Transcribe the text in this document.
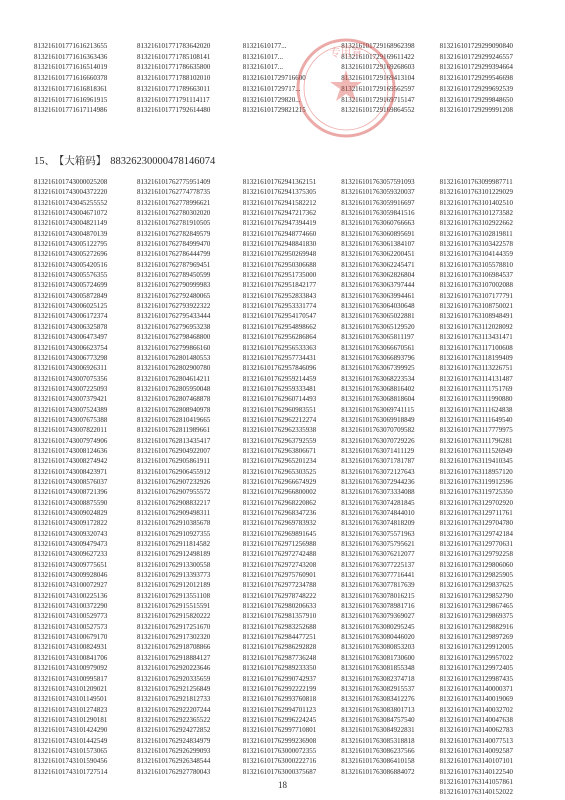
813216101771616213655
813216101771616363436
813216101771616514019
813216101771616660378
813216101771616818361
813216101771616961915
813216101771617114986
813216101771783642020
813216101771785108141
813216101771786635800
813216101771788102010
813216101771789663011
813216101771791114117
813216101771792614480
81321610177...
8132161017...
8132161017...
813216101729716600
813216101729717...
813216101729820...
813216101729821215
813216101729168962398
813216101729169611422
813216101729169268603
813216101729169413104
813216101729169562597
813216101729169715147
813216101729169864552
813216101729299090840
813216101729299246557
813216101729299394664
813216101729299546698
813216101729299692539
813216101729299848650
813216101729299991208
专用章
15、 【大箱码】 88326230000478146074
813216101743000025208
813216101743004372220
813216101743045255552
813216101743004671072
813216101743004821149
813216101743004870139
813216101743005122795
813216101743005272696
813216101743005420516
813216101743005576355
813216101743005724699
813216101743005872849
813216101743006025125
813216101743006172374
813216101743006325878
813216101743006473497
813216101743006623754
813216101743006773298
813216101743006926311
813216101743007075356
813216101743007225093
813216101743007379421
813216101743007524389
813216101743007675388
813216101743007822011
813216101743007974906
813216101743008124636
813216101743008274942
813216101743008423971
813216101743008576037
813216101743008721396
813216101743008875590
813216101743009024829
813216101743009172822
813216101743009320743
813216101743009479473
813216101743009627233
813216101743009775651
813216101743009928046
813216101743100072927
813216101743100225136
813216101743100372290
813216101743100529773
813216101743100527573
813216101743100679170
813216101743100824931
813216101743100841706
813216101743100979092
813216101743100995817
813216101743101209021
813216101743101149501
813216101743101274823
813216101743101290181
813216101743101424290
813216101743101442549
813216101743101573065
813216101743101590456
813216101743101727514
813216101762775951409
813216101762774778735
813216101762778996621
813216101762780302020
813216101762781910505
813216101762782849579
813216101762784999470
813216101762786444799
813216101762787969451
813216101762789450599
813216101762790999983
813216101762792480065
813216101762793922322
813216101762795433444
813216101762796953238
813216101762798468800
813216101762799866160
813216101762801480553
813216101762802900780
813216101762804614211
813216101762805950048
813216101762807468878
813216101762808940978
813216101762810419665
813216101762811989661
813216101762813435417
813216101762904922007
813216101762905861911
813216101762906455912
813216101762907232926
813216101762907955572
813216101762908832217
813216101762909498311
813216101762910385678
813216101762910927355
813216101762911814582
813216101762912498189
813216101762913300558
813216101762913393773
813216101762912012189
813216101762913551108
813216101762915515591
813216101762915820222
813216101762917251670
813216101762917302320
813216101762918708866
813216101762918884127
813216101762920223646
813216101762920335659
813216101762921256849
813216101762921812733
813216101762922207244
813216101762922365522
813216101762924272852
813216101762924834979
813216101762926299093
813216101762926348544
813216101762927780043
813216101762941362151
813216101762941375305
813216101762941582212
813216101762947217362
813216101762947394419
813216101762948774660
813216101762948841830
813216101762950269948
813216101762950306688
813216101762951735000
813216101762951842177
813216101762952833843
813216101762953331774
813216101762954170547
813216101762954898662
813216101762956286864
813216101762956533363
813216101762957734431
813216101762957846096
813216101762959214459
813216101762959333481
813216101762960714493
813216101762960983551
813216101762962212274
813216101762962335938
813216101762963792559
813216101762963806671
813216101762965201234
813216101762965303525
813216101762966674929
813216101762966800002
813216101762968220862
813216101762968347236
813216101762969783932
813216101762969891645
813216101762971256988
813216101762972742488
813216101762972743208
813216101762975760901
813216101762977234788
813216101762978748222
813216101762980206633
813216101762981357910
813216101762983252688
813216101762984477251
813216101762986292828
813216101762987736248
813216101762989233350
813216101762990742937
813216101762992222199
813216101762993760818
813216101762994701123
813216101762996224245
813216101762997710801
813216101762999236908
813216101763000072355
813216101763000222716
813216101763000375687
813216101763057591093
813216101763059320037
813216101763059916697
813216101763059841516
813216101763060766663
813216101763060895691
813216101763061384107
813216101763062200451
813216101763062245471
813216101763062826804
813216101763063797444
813216101763063994461
813216101763064030648
813216101763065022881
813216101763065129520
813216101763065811197
813216101763066670561
813216101763066893796
813216101763067399925
813216101763068223534
813216101763068816402
813216101763068818604
813216101763069741115
813216101763069918849
813216101763070709582
813216101763070729226
813216101763071411129
813216101763071781787
813216101763072127643
813216101763072944236
813216101763073334088
813216101763074281845
813216101763074844010
813216101763074818209
813216101763075571963
813216101763075795621
813216101763076212077
813216101763077225137
813216101763077716441
813216101763077817639
813216101763078016215
813216101763078981716
813216101763079369027
813216101763080295245
813216101763080446020
813216101763080853203
813216101763081730600
813216101763081855348
813216101763082374718
813216101763082915537
813216101763083412276
813216101763083801713
813216101763084757540
813216101763084922831
813216101763085318818
813216101763086237566
813216101763086410158
813216101763086884072
813216101763099987711
813216101763101229029
813216101763101402510
813216101763101273582
813216101763102922662
813216101763102819811
813216101763103422578
813216101763104144359
813216101763105578810
813216101763106984537
813216101763107002088
813216101763107177791
813216101763108750021
813216101763108948491
813216101763112028092
813216101763113431471
813216101763117100608
813216101763118199409
813216101763113226751
813216101763114131487
813216101763111751769
813216101763111990880
813216101763111624838
813216101763111649540
813216101763117779975
813216101763111796281
813216101763111526949
813216101763119410345
813216101763118957120
813216101763119912596
813216101763119725350
813216101763129702920
813216101763129711761
813216101763129704780
813216101763129742184
813216101763129770631
813216101763129792258
813216101763129806060
813216101763129825905
813216101763129837625
813216101763129852790
813216101763129867465
813216101763129869375
813216101763129882916
813216101763129897269
813216101763129912005
813216101763129957022
813216101763129972405
813216101763129987435
813216101763140000371
813216101763140019069
813216101763140032702
813216101763140047638
813216101763140062783
813216101763140077513
813216101763140092587
813216101763140107101
813216101763140122540
813216101763141057861
813216101763140152022
18
